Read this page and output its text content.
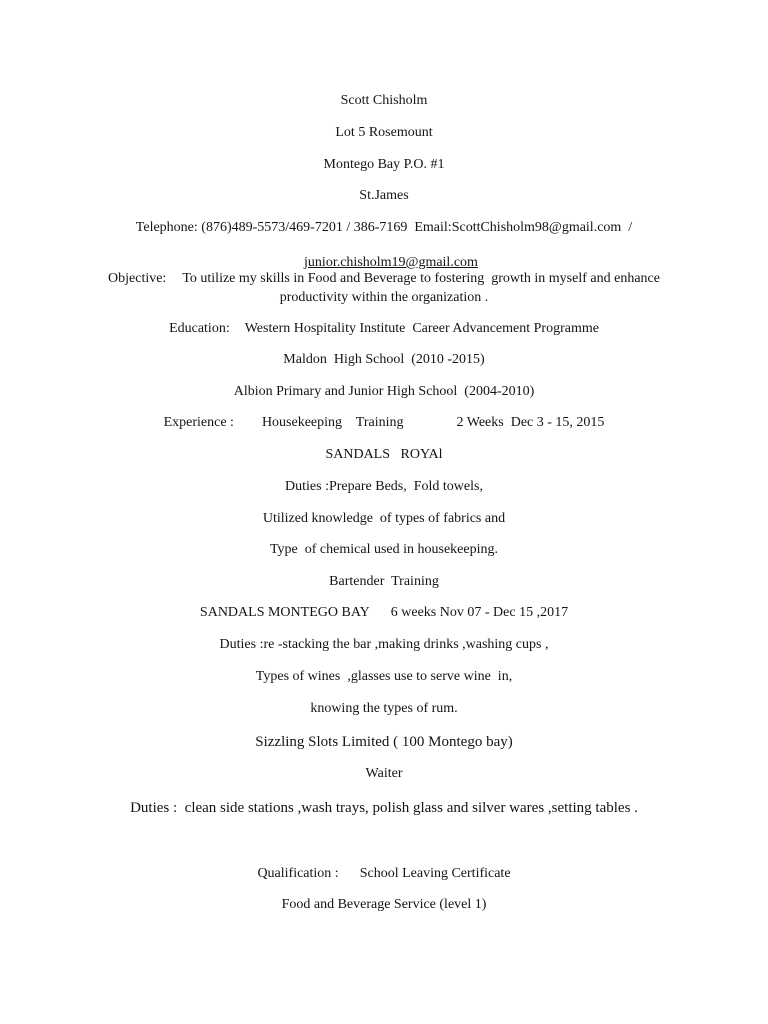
Scott Chisholm
Lot 5 Rosemount
Montego Bay P.O. #1
St.James
Telephone: (876)489-5573/469-7201 / 386-7169  Email:ScottChisholm98@gmail.com  /

junior.chisholm19@gmail.com

Objective: To utilize my skills in Food and Beverage to fostering  growth in myself and enhance
productivity within the organization .
Education: Western Hospitality Institute  Career Advancement Programme
Maldon  High School  (2010 -2015)
Albion Primary and Junior High School  (2004-2010)
Experience : Housekeeping    Training	2 Weeks  Dec 3 - 15, 2015
SANDALS   ROYAl
Duties :Prepare Beds,  Fold towels,
Utilized knowledge  of types of fabrics and
Type  of chemical used in housekeeping.
Bartender  Training
SANDALS MONTEGO BAY 6 weeks Nov 07 - Dec 15 ,2017
Duties :re -stacking the bar ,making drinks ,washing cups ,
Types of wines  ,glasses use to serve wine  in,
knowing the types of rum.
Sizzling Slots Limited ( 100 Montego bay)
Waiter
Duties :  clean side stations ,wash trays, polish glass and silver wares ,setting tables .
Qualification : School Leaving Certificate
Food and Beverage Service (level 1)
